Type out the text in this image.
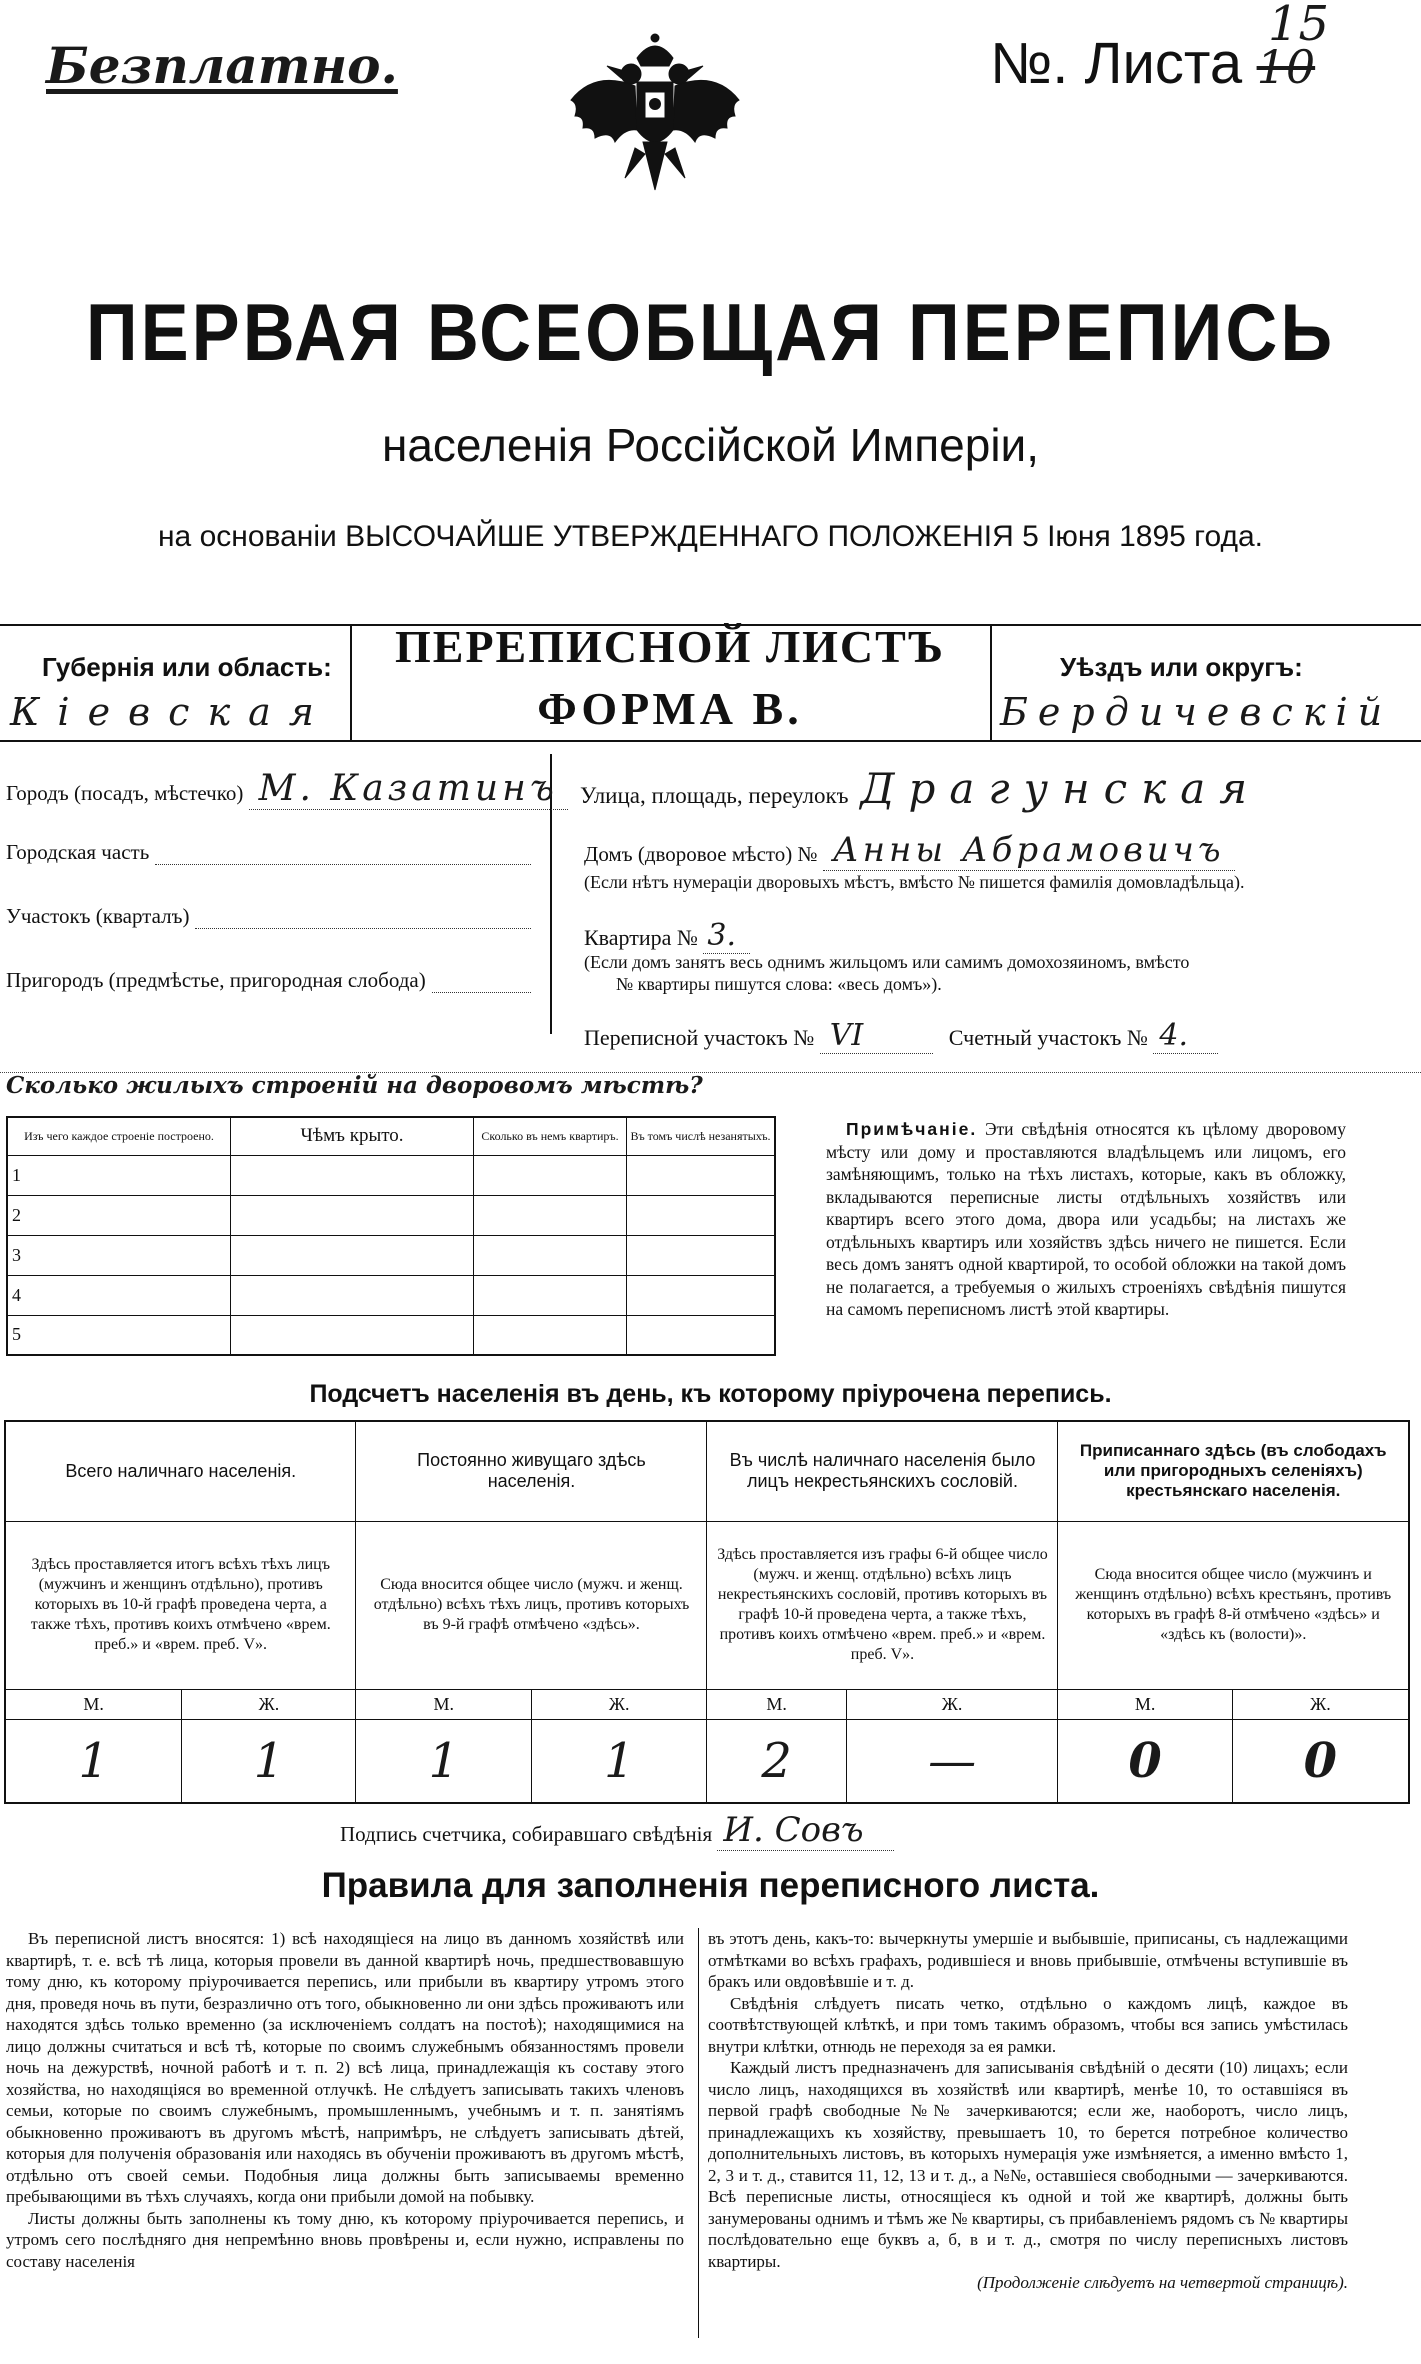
Безплатно.	№. Листа 10
15
ПЕРВАЯ ВСЕОБЩАЯ ПЕРЕПИСЬ
населенія Россійской Имперіи,
на основаніи ВЫСОЧАЙШЕ УТВЕРЖДЕННАГО ПОЛОЖЕНІЯ 5 Іюня 1895 года.
Губернія или область:
Кіевская
ПЕРЕПИСНОЙ ЛИСТЪ
ФОРМА В.
Уѣздъ или округъ:
Бердичевскій
Городъ (посадъ, мѣстечко) М. Казатинъ
Городская часть
Участокъ (кварталъ)
Пригородъ (предмѣстье, пригородная слобода)
Улица, площадь, переулокъ Драгунская
Домъ (дворовое мѣсто) № Анны Абрамовичъ
(Если нѣтъ нумераціи дворовыхъ мѣстъ, вмѣсто № пишется фамилія домовладѣльца).
Квартира № 3.
(Если домъ занятъ весь однимъ жильцомъ или самимъ домохозяиномъ, вмѣсто
№ квартиры пишутся слова: «весь домъ»).
Переписной участокъ № VI	Счетный участокъ № 4.
Сколько жилыхъ строеній на дворовомъ мѣстѣ?
Изъ чего каждое строеніе построено.	Чѣмъ крыто.	Сколько въ немъ квартиръ.	Въ томъ числѣ незанятыхъ.
1			
2			
3			
4			
5			
Примѣчаніе. Эти свѣдѣнія относятся къ цѣлому дворовому мѣсту или дому и проставляются владѣльцемъ или лицомъ, его замѣняющимъ, только на тѣхъ листахъ, которые, какъ въ обложку, вкладываются переписные листы отдѣльныхъ хозяйствъ или квартиръ всего этого дома, двора или усадьбы; на листахъ же отдѣльныхъ квартиръ или хозяйствъ здѣсь ничего не пишется. Если весь домъ занятъ одной квартирой, то особой обложки на такой домъ не полагается, а требуемыя о жилыхъ строеніяхъ свѣдѣнія пишутся на самомъ переписномъ листѣ этой квартиры.
Подсчетъ населенія въ день, къ которому пріурочена перепись.
Всего наличнаго населенія.		Постоянно живущаго здѣсь населенія.		Въ числѣ наличнаго населенія было лицъ некрестьянскихъ сословій.		Приписаннаго здѣсь (въ слободахъ или пригородныхъ селеніяхъ) крестьянскаго населенія.	
Здѣсь проставляется итогъ всѣхъ тѣхъ лицъ (мужчинъ и женщинъ отдѣльно), противъ которыхъ въ 10-й графѣ проведена черта, а также тѣхъ, противъ коихъ отмѣчено «врем. преб.» и «врем. преб. V».		Сюда вносится общее число (мужч. и женщ. отдѣльно) всѣхъ тѣхъ лицъ, противъ которыхъ въ 9-й графѣ отмѣчено «здѣсь».		Здѣсь проставляется изъ графы 6-й общее число (мужч. и женщ. отдѣльно) всѣхъ лицъ некрестьянскихъ сословій, противъ которыхъ въ графѣ 10-й проведена черта, а также тѣхъ, противъ коихъ отмѣчено «врем. преб.» и «врем. преб. V».		Сюда вносится общее число (мужчинъ и женщинъ отдѣльно) всѣхъ крестьянъ, противъ которыхъ въ графѣ 8-й отмѣчено «здѣсь» и «здѣсь къ (волости)».	
М.	Ж.	М.	Ж.	М.	Ж.	М.	Ж.
1	1	1	1	2	—	0	0
Подпись счетчика, собиравшаго свѣдѣнія И. Совъ
Правила для заполненія переписного листа.

Въ переписной листъ вносятся: 1) всѣ находящіеся на лицо въ данномъ хозяйствѣ или квартирѣ, т. е. всѣ тѣ лица, которыя провели въ данной квартирѣ ночь, предшествовавшую тому дню, къ которому пріурочивается перепись, или прибыли въ квартиру утромъ этого дня, проведя ночь въ пути, безразлично отъ того, обыкновенно ли они здѣсь проживаютъ или находятся здѣсь только временно (за исключеніемъ солдатъ на постоѣ); находящимися на лицо должны считаться и всѣ тѣ, которые по своимъ служебнымъ обязанностямъ провели ночь на дежурствѣ, ночной работѣ и т. п. 2) всѣ лица, принадлежащія къ составу этого хозяйства, но находящіяся во временной отлучкѣ. Не слѣдуетъ записывать такихъ членовъ семьи, которые по своимъ служебнымъ, промышленнымъ, учебнымъ и т. п. занятіямъ обыкновенно проживаютъ въ другомъ мѣстѣ, напримѣръ, не слѣдуетъ записывать дѣтей, которыя для полученія образованія или находясь въ обученіи проживаютъ въ другомъ мѣстѣ, отдѣльно отъ своей семьи. Подобныя лица должны быть записываемы временно пребывающими въ тѣхъ случаяхъ, когда они прибыли домой на побывку.

Листы должны быть заполнены къ тому дню, къ которому пріурочивается перепись, и утромъ сего послѣдняго дня непремѣнно вновь провѣрены и, если нужно, исправлены по составу населенія

въ этотъ день, какъ-то: вычеркнуты умершіе и выбывшіе, приписаны, съ надлежащими отмѣтками во всѣхъ графахъ, родившіеся и вновь прибывшіе, отмѣчены вступившіе въ бракъ или овдовѣвшіе и т. д.

Свѣдѣнія слѣдуетъ писать четко, отдѣльно о каждомъ лицѣ, каждое въ соотвѣтствующей клѣткѣ, и при томъ такимъ образомъ, чтобы вся запись умѣстилась внутри клѣтки, отнюдь не переходя за ея рамки.

Каждый листъ предназначенъ для записыванія свѣдѣній о десяти (10) лицахъ; если число лицъ, находящихся въ хозяйствѣ или квартирѣ, менѣе 10, то оставшіяся въ первой графѣ свободные №№ зачеркиваются; если же, наоборотъ, число лицъ, принадлежащихъ къ хозяйству, превышаетъ 10, то берется потребное количество дополнительныхъ листовъ, въ которыхъ нумерація уже измѣняется, а именно вмѣсто 1, 2, 3 и т. д., ставится 11, 12, 13 и т. д., а №№, оставшіеся свободными — зачеркиваются. Всѣ переписные листы, относящіеся къ одной и той же квартирѣ, должны быть занумерованы однимъ и тѣмъ же № квартиры, съ прибавленіемъ рядомъ съ № квартиры послѣдовательно еще буквъ а, б, в и т. д., смотря по числу переписныхъ листовъ квартиры.

(Продолженіе слѣдуетъ на четвертой страницѣ).
